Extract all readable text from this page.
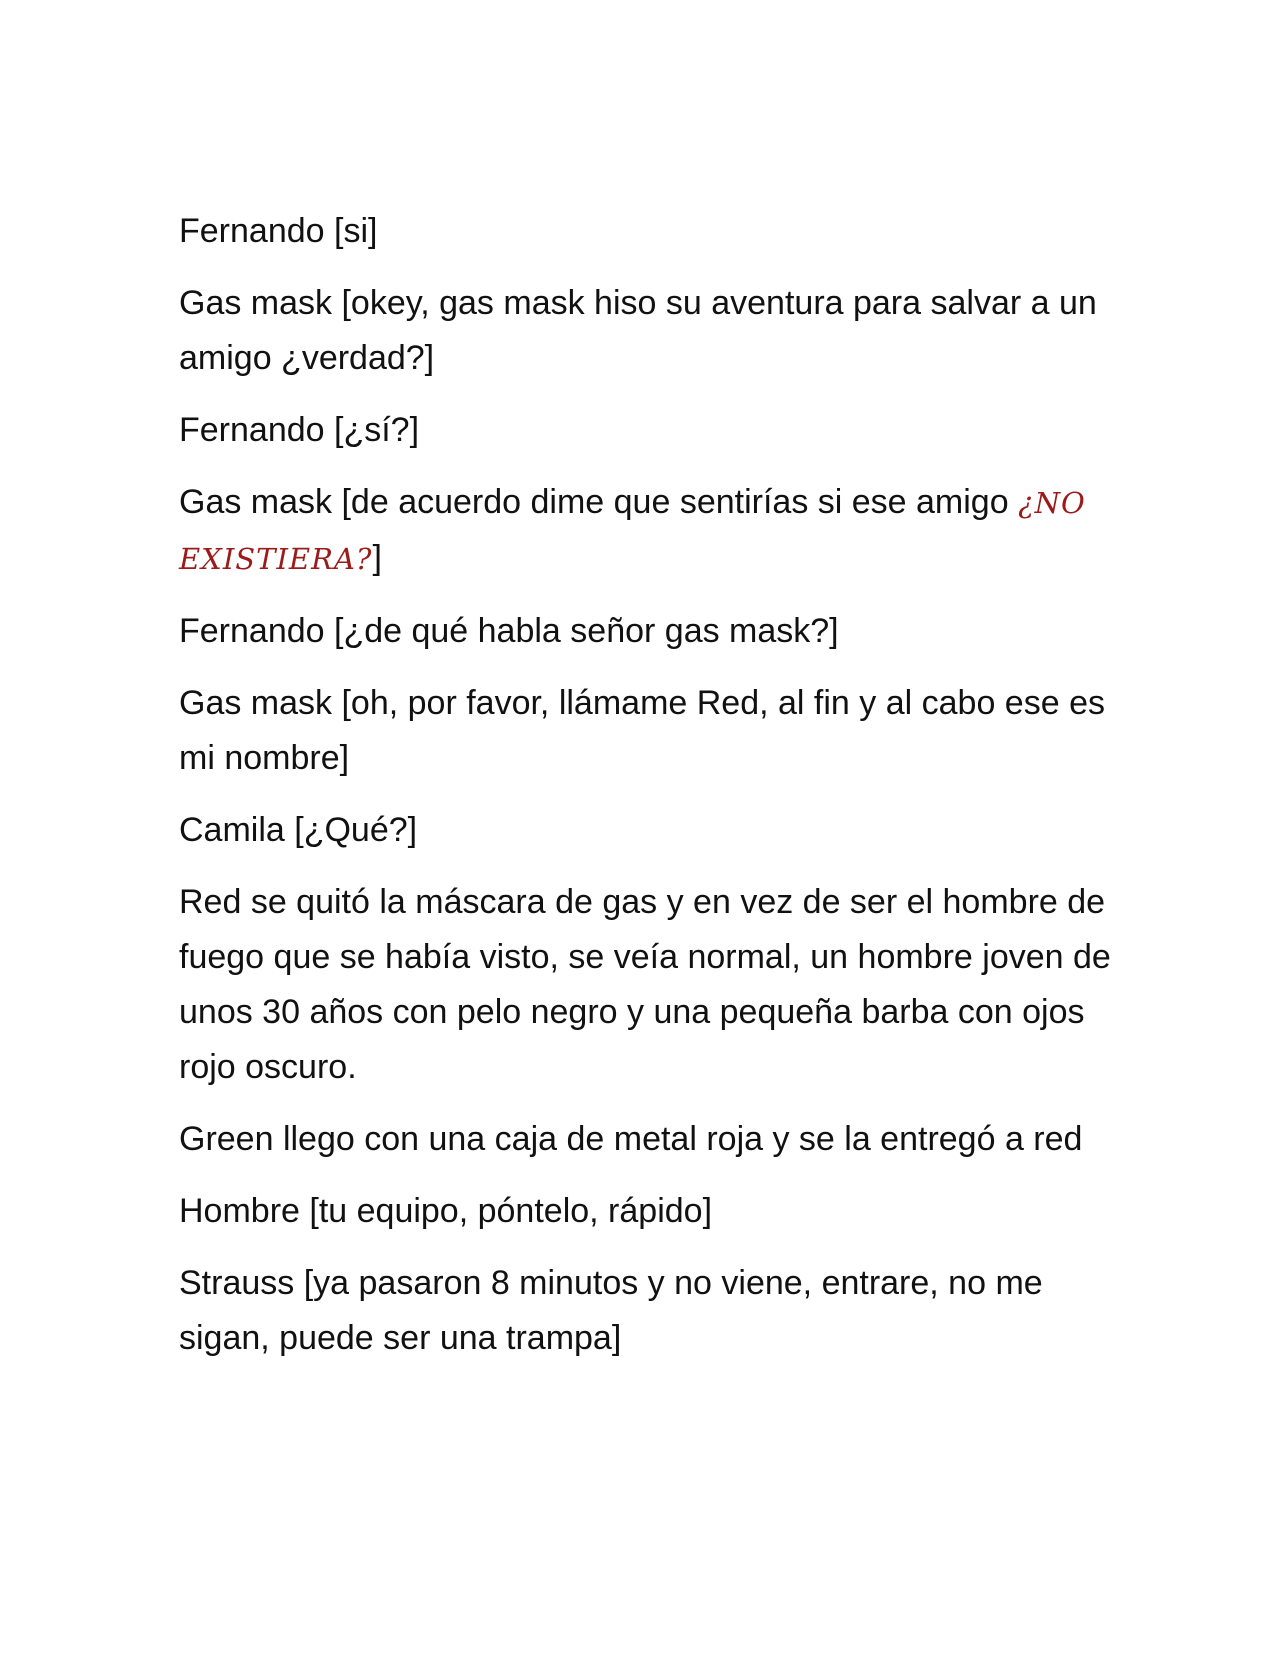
Fernando [si]

Gas mask [okey, gas mask hiso su aventura para salvar a un amigo ¿verdad?]

Fernando [¿sí?]

Gas mask [de acuerdo dime que sentirías si ese amigo ¿NO EXISTIERA?]

Fernando [¿de qué habla señor gas mask?]

Gas mask [oh, por favor, llámame Red, al fin y al cabo ese es mi nombre]

Camila [¿Qué?]

Red se quitó la máscara de gas y en vez de ser el hombre de fuego que se había visto, se veía normal, un hombre joven de unos 30 años con pelo negro y una pequeña barba con ojos rojo oscuro.

Green llego con una caja de metal roja y se la entregó a red

Hombre [tu equipo, póntelo, rápido]

Strauss [ya pasaron 8 minutos y no viene, entrare, no me sigan, puede ser una trampa]
